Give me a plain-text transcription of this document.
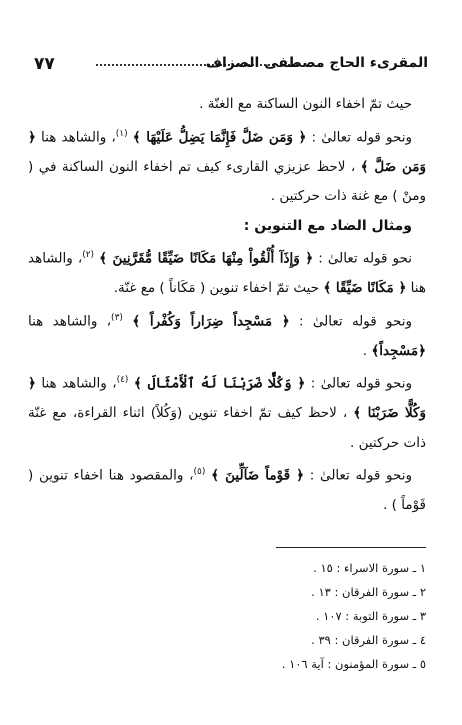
٧٧	المقرىء الحاج مصطفى الصزاف

حيث تمّ اخفاء النون الساكنة مع الغنّة .

ونحو قوله تعالىٰ : ﴿ وَمَن ضَلَّ فَإِنَّمَا يَضِلُّ عَلَيْهَا ﴾ $^{(١)}$، والشاهد هنا ﴿ وَمَن ضَلَّ ﴾ ، لاحظ عزيزي القارىء كيف تم اخفاء النون الساكنة في ( ومنْ ) مع غنة ذات حركتين .

ومثال الضاد مع التنوين :

نحو قوله تعالىٰ : ﴿ وَإِذَآ أُلْقُواْ مِنْهَا مَكَانًا ضَيِّقًا مُّقَرَّنِينَ ﴾ $^{(٢)}$، والشاهد هنا ﴿ مَكَانًا ضَيِّقًا ﴾ حيث تمّ اخفاء تنوين ( مَكَاناً ) مع غنّة.

ونحو قوله تعالىٰ : ﴿ مَسْجِداً ضِرَاراً وَكُفْراً ﴾ $^{(٣)}$، والشاهد هنا ﴿مَسْجِداً﴾ .

ونحو قوله تعالىٰ : ﴿ وَكُلًّا ضَرَبْنَا لَهُ ٱلْأَمْثَالَ ﴾ $^{(٤)}$، والشاهد هنا ﴿ وَكُلًّا ضَرَبْنَا ﴾ ، لاحظ كيف تمّ اخفاء تنوين (وَكُلاً) اثناء القراءة، مع غنّة ذات حركتين .

ونحو قوله تعالىٰ : ﴿ قَوْماً ضَآلِّينَ ﴾ $^{(٥)}$، والمقصود هنا اخفاء تنوين ( قَوْماً ) .

١ ـ سورة الاسراء : ١٥ .
٢ ـ سورة الفرقان : ١٣ .
٣ ـ سورة التوبة : ١٠٧ .
٤ ـ سورة الفرقان : ٣٩ .
٥ ـ سورة المؤمنون : آية ١٠٦ .
